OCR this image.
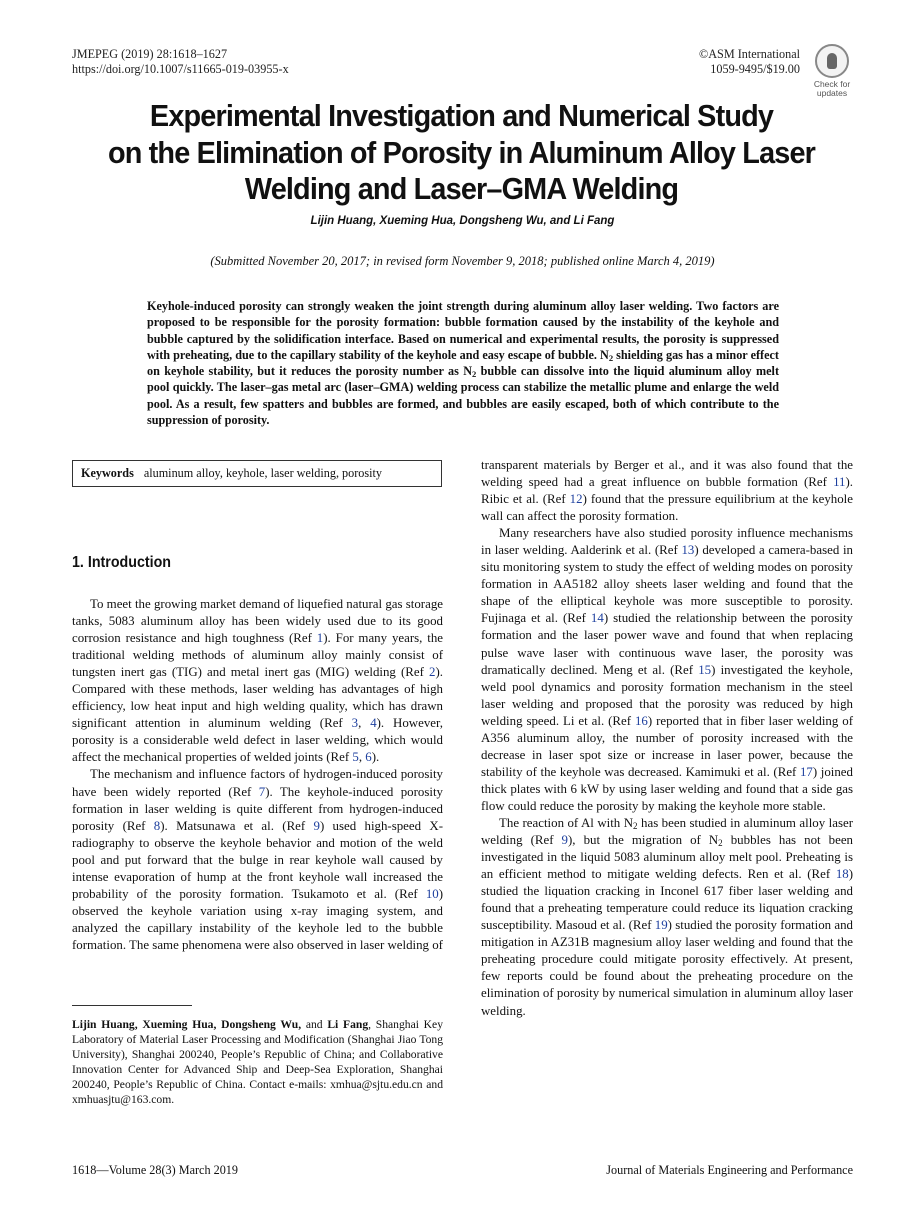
JMEPEG (2019) 28:1618–1627
https://doi.org/10.1007/s11665-019-03955-x
©ASM International
1059-9495/$19.00
Check for
updates
Experimental Investigation and Numerical Study
on the Elimination of Porosity in Aluminum Alloy Laser
Welding and Laser–GMA Welding
Lijin Huang, Xueming Hua, Dongsheng Wu, and Li Fang
(Submitted November 20, 2017; in revised form November 9, 2018; published online March 4, 2019)
Keyhole-induced porosity can strongly weaken the joint strength during aluminum alloy laser welding. Two factors are proposed to be responsible for the porosity formation: bubble formation caused by the instability of the keyhole and bubble captured by the solidification interface. Based on numerical and experimental results, the porosity is suppressed with preheating, due to the capillary stability of the keyhole and easy escape of bubble. $N_2$ shielding gas has a minor effect on keyhole stability, but it reduces the porosity number as $N_2$ bubble can dissolve into the liquid aluminum alloy melt pool quickly. The laser–gas metal arc (laser–GMA) welding process can stabilize the metallic plume and enlarge the weld pool. As a result, few spatters and bubbles are formed, and bubbles are easily escaped, both of which contribute to the suppression of porosity.
Keywords aluminum alloy, keyhole, laser welding, porosity
1. Introduction

To meet the growing market demand of liquefied natural gas storage tanks, 5083 aluminum alloy has been widely used due to its good corrosion resistance and high toughness (Ref 1). For many years, the traditional welding methods of aluminum alloy mainly consist of tungsten inert gas (TIG) and metal inert gas (MIG) welding (Ref 2). Compared with these methods, laser welding has advantages of high efficiency, low heat input and high welding quality, which has drawn significant attention in aluminum welding (Ref 3, 4). However, porosity is a considerable weld defect in laser welding, which would affect the mechanical properties of welded joints (Ref 5, 6).

The mechanism and influence factors of hydrogen-induced porosity have been widely reported (Ref 7). The keyhole-induced porosity formation in laser welding is quite different from hydrogen-induced porosity (Ref 8). Matsunawa et al. (Ref 9) used high-speed X-radiography to observe the keyhole behavior and motion of the weld pool and put forward that the bulge in rear keyhole wall caused by intense evaporation of hump at the front keyhole wall increased the probability of the porosity formation. Tsukamoto et al. (Ref 10) observed the keyhole variation using x-ray imaging system, and analyzed the capillary instability of the keyhole led to the bubble formation. The same phenomena were also observed in laser welding of

Lijin Huang, Xueming Hua, Dongsheng Wu, and Li Fang, Shanghai Key Laboratory of Material Laser Processing and Modification (Shanghai Jiao Tong University), Shanghai 200240, People’s Republic of China; and Collaborative Innovation Center for Advanced Ship and Deep-Sea Exploration, Shanghai 200240, People’s Republic of China. Contact e-mails: xmhua@sjtu.edu.cn and xmhuasjtu@163.com.

transparent materials by Berger et al., and it was also found that the welding speed had a great influence on bubble formation (Ref 11). Ribic et al. (Ref 12) found that the pressure equilibrium at the keyhole wall can affect the porosity formation.

Many researchers have also studied porosity influence mechanisms in laser welding. Aalderink et al. (Ref 13) developed a camera-based in situ monitoring system to study the effect of welding modes on porosity formation in AA5182 alloy sheets laser welding and found that the shape of the elliptical keyhole was more susceptible to porosity. Fujinaga et al. (Ref 14) studied the relationship between the porosity formation and the laser power wave and found that when replacing pulse wave laser with continuous wave laser, the porosity was dramatically declined. Meng et al. (Ref 15) investigated the keyhole, weld pool dynamics and porosity formation mechanism in the steel laser welding and proposed that the porosity was reduced by high welding speed. Li et al. (Ref 16) reported that in fiber laser welding of A356 aluminum alloy, the number of porosity increased with the decrease in laser spot size or increase in laser power, because the stability of the keyhole was decreased. Kamimuki et al. (Ref 17) joined thick plates with 6 kW by using laser welding and found that a side gas flow could reduce the porosity by making the keyhole more stable.

The reaction of Al with $N_2$ has been studied in aluminum alloy laser welding (Ref 9), but the migration of $N_2$ bubbles has not been investigated in the liquid 5083 aluminum alloy melt pool. Preheating is an efficient method to mitigate welding defects. Ren et al. (Ref 18) studied the liquation cracking in Inconel 617 fiber laser welding and found that a preheating temperature could reduce its liquation cracking susceptibility. Masoud et al. (Ref 19) studied the porosity formation and mitigation in AZ31B magnesium alloy laser welding and found that the preheating procedure could mitigate porosity effectively. At present, few reports could be found about the preheating procedure on the elimination of porosity by numerical simulation in aluminum alloy laser welding.

1618—Volume 28(3) March 2019	Journal of Materials Engineering and Performance
